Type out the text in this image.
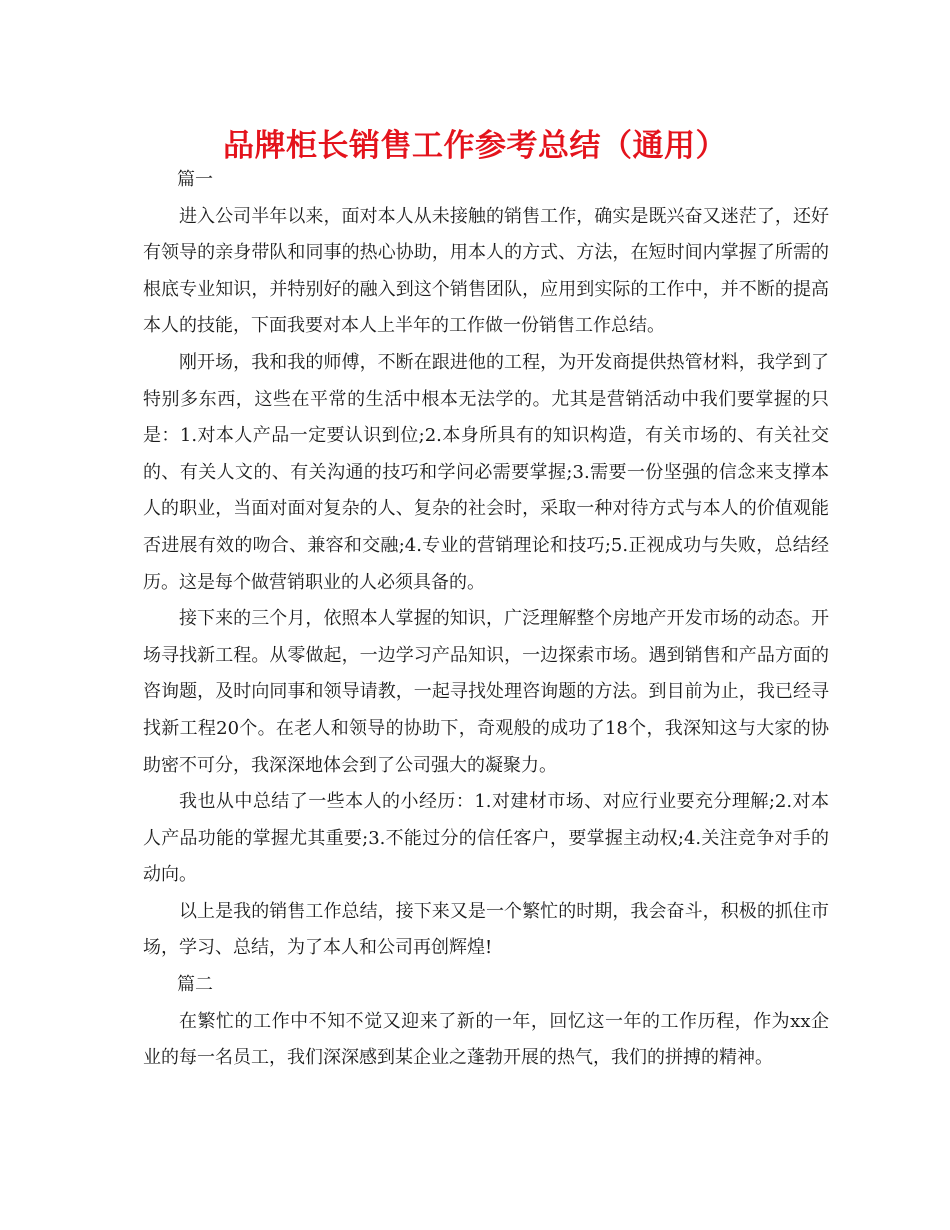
品牌柜长销售工作参考总结（通用）

篇一

进入公司半年以来，面对本人从未接触的销售工作，确实是既兴奋又迷茫了，还好有领导的亲身带队和同事的热心协助，用本人的方式、方法，在短时间内掌握了所需的根底专业知识，并特别好的融入到这个销售团队，应用到实际的工作中，并不断的提高本人的技能，下面我要对本人上半年的工作做一份销售工作总结。

刚开场，我和我的师傅，不断在跟进他的工程，为开发商提供热管材料，我学到了特别多东西，这些在平常的生活中根本无法学的。尤其是营销活动中我们要掌握的只是：1.对本人产品一定要认识到位;2.本身所具有的知识构造，有关市场的、有关社交的、有关人文的、有关沟通的技巧和学问必需要掌握;3.需要一份坚强的信念来支撑本人的职业，当面对面对复杂的人、复杂的社会时，采取一种对待方式与本人的价值观能否进展有效的吻合、兼容和交融;4.专业的营销理论和技巧;5.正视成功与失败，总结经历。这是每个做营销职业的人必须具备的。

接下来的三个月，依照本人掌握的知识，广泛理解整个房地产开发市场的动态。开场寻找新工程。从零做起，一边学习产品知识，一边探索市场。遇到销售和产品方面的咨询题，及时向同事和领导请教，一起寻找处理咨询题的方法。到目前为止，我已经寻找新工程20个。在老人和领导的协助下，奇观般的成功了18个，我深知这与大家的协助密不可分，我深深地体会到了公司强大的凝聚力。

我也从中总结了一些本人的小经历：1.对建材市场、对应行业要充分理解;2.对本人产品功能的掌握尤其重要;3.不能过分的信任客户，要掌握主动权;4.关注竞争对手的动向。

以上是我的销售工作总结，接下来又是一个繁忙的时期，我会奋斗，积极的抓住市场，学习、总结，为了本人和公司再创辉煌!

篇二

在繁忙的工作中不知不觉又迎来了新的一年，回忆这一年的工作历程，作为xx企业的每一名员工，我们深深感到某企业之蓬勃开展的热气，我们的拼搏的精神。
